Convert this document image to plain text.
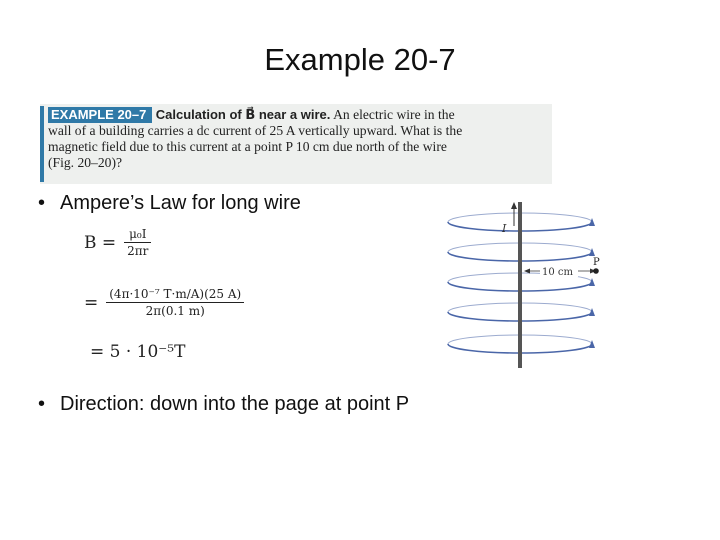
Example 20-7
EXAMPLE 20–7 Calculation of B⃗ near a wire. An electric wire in the
wall of a building carries a dc current of 25 A vertically upward. What is the
magnetic field due to this current at a point P 10 cm due north of the wire
(Fig. 20–20)?
• Ampere’s Law for long wire
$B = \frac{\text{μ₀I}}{2\pi r}$
= $\frac{\text{(4π·10⁻⁷ T·m/A)(25 A)}}{2\pi(0.1 m)}$
= 5 · 10⁻⁵T
• Direction: down into the page at point P
I
10 cm
P
